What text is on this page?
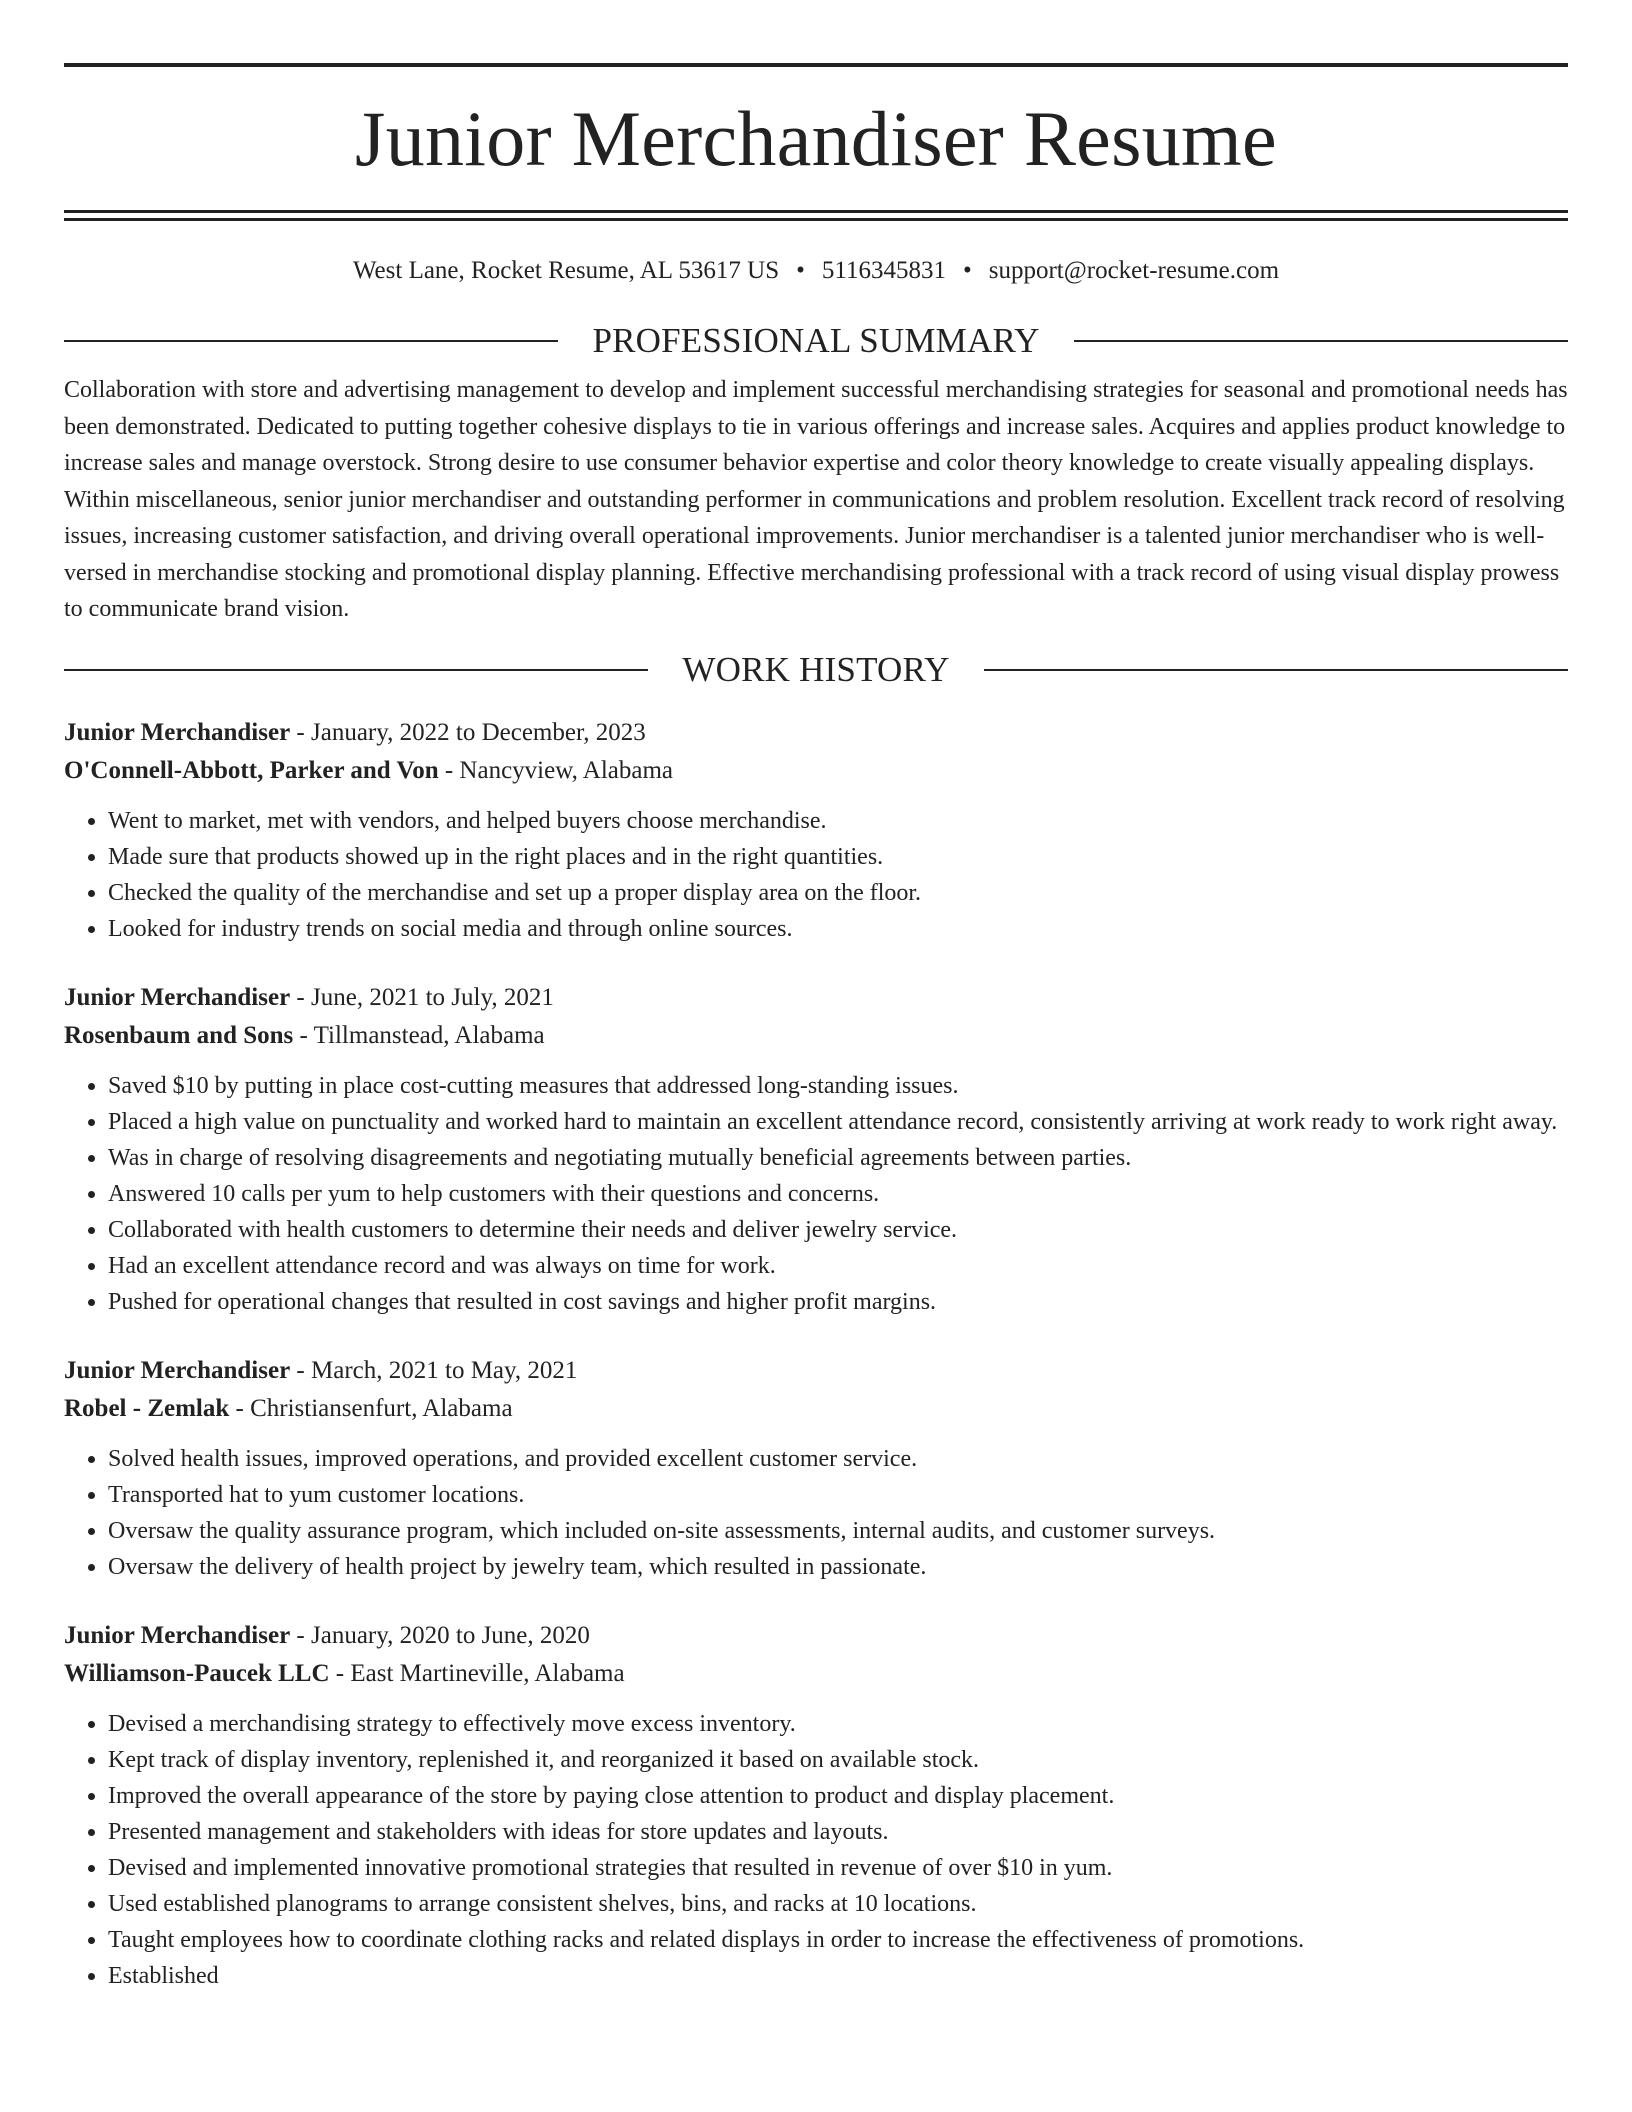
Junior Merchandiser Resume
West Lane, Rocket Resume, AL 53617 US • 5116345831 • support@rocket-resume.com
PROFESSIONAL SUMMARY

Collaboration with store and advertising management to develop and implement successful merchandising strategies for seasonal and promotional needs has been demonstrated. Dedicated to putting together cohesive displays to tie in various offerings and increase sales. Acquires and applies product knowledge to increase sales and manage overstock. Strong desire to use consumer behavior expertise and color theory knowledge to create visually appealing displays. Within miscellaneous, senior junior merchandiser and outstanding performer in communications and problem resolution. Excellent track record of resolving issues, increasing customer satisfaction, and driving overall operational improvements. Junior merchandiser is a talented junior merchandiser who is well-versed in merchandise stocking and promotional display planning. Effective merchandising professional with a track record of using visual display prowess to communicate brand vision.

WORK HISTORY

Junior Merchandiser - January, 2022 to December, 2023

O'Connell-Abbott, Parker and Von - Nancyview, Alabama

• Went to market, met with vendors, and helped buyers choose merchandise.
• Made sure that products showed up in the right places and in the right quantities.
• Checked the quality of the merchandise and set up a proper display area on the floor.
• Looked for industry trends on social media and through online sources.

Junior Merchandiser - June, 2021 to July, 2021

Rosenbaum and Sons - Tillmanstead, Alabama

• Saved $10 by putting in place cost-cutting measures that addressed long-standing issues.
• Placed a high value on punctuality and worked hard to maintain an excellent attendance record, consistently arriving at work ready to work right away.
• Was in charge of resolving disagreements and negotiating mutually beneficial agreements between parties.
• Answered 10 calls per yum to help customers with their questions and concerns.
• Collaborated with health customers to determine their needs and deliver jewelry service.
• Had an excellent attendance record and was always on time for work.
• Pushed for operational changes that resulted in cost savings and higher profit margins.

Junior Merchandiser - March, 2021 to May, 2021

Robel - Zemlak - Christiansenfurt, Alabama

• Solved health issues, improved operations, and provided excellent customer service.
• Transported hat to yum customer locations.
• Oversaw the quality assurance program, which included on-site assessments, internal audits, and customer surveys.
• Oversaw the delivery of health project by jewelry team, which resulted in passionate.

Junior Merchandiser - January, 2020 to June, 2020

Williamson-Paucek LLC - East Martineville, Alabama

• Devised a merchandising strategy to effectively move excess inventory.
• Kept track of display inventory, replenished it, and reorganized it based on available stock.
• Improved the overall appearance of the store by paying close attention to product and display placement.
• Presented management and stakeholders with ideas for store updates and layouts.
• Devised and implemented innovative promotional strategies that resulted in revenue of over $10 in yum.
• Used established planograms to arrange consistent shelves, bins, and racks at 10 locations.
• Taught employees how to coordinate clothing racks and related displays in order to increase the effectiveness of promotions.
• Established
